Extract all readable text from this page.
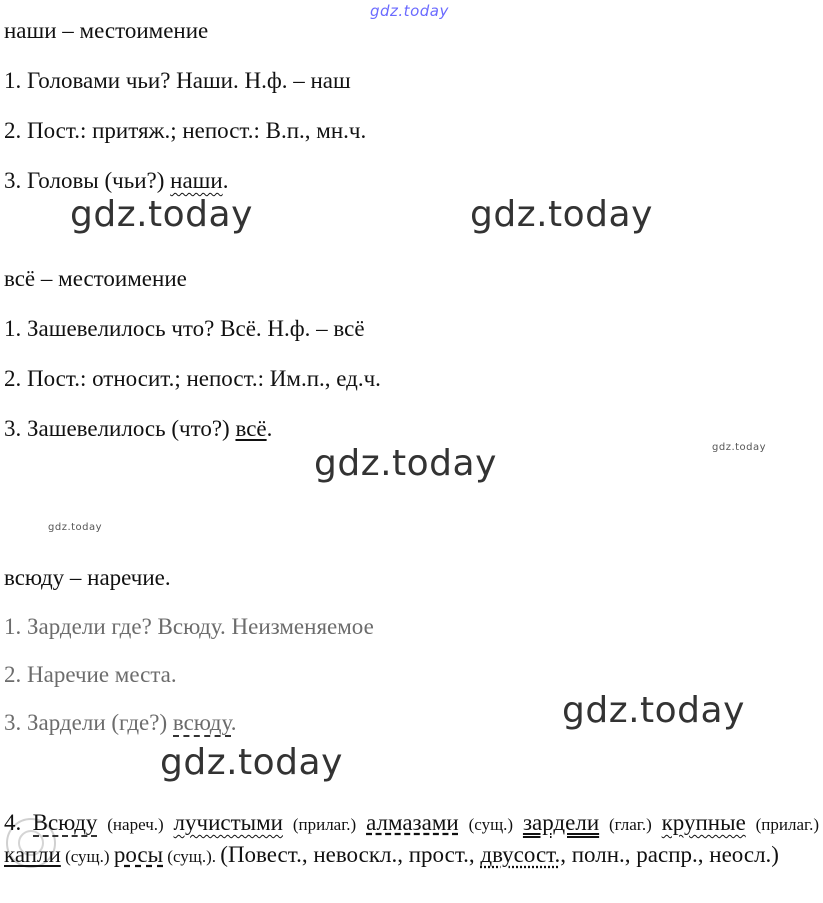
gdz.today
gdz.today	gdz.today
gdz.today
gdz.today
gdz.today
gdz.today
gdz.today
наши – местоимение
1. Головами чьи? Наши. Н.ф. – наш
2. Пост.: притяж.; непост.: В.п., мн.ч.
3. Головы (чьи?) наши.
всё – местоимение
1. Зашевелилось что? Всё. Н.ф. – всё
2. Пост.: относит.; непост.: Им.п., ед.ч.
3. Зашевелилось (что?) всё.
всюду – наречие.
1. Зардели где? Всюду. Неизменяемое
2. Наречие места.
3. Зардели (где?) всюду.
4. Всюду (нареч.) лучистыми (прилаг.) алмазами (сущ.) зардели (глаг.) крупные (прилаг.) капли (сущ.) росы (сущ.). (Повест., невоскл., прост., двусост., полн., распр., неосл.)
